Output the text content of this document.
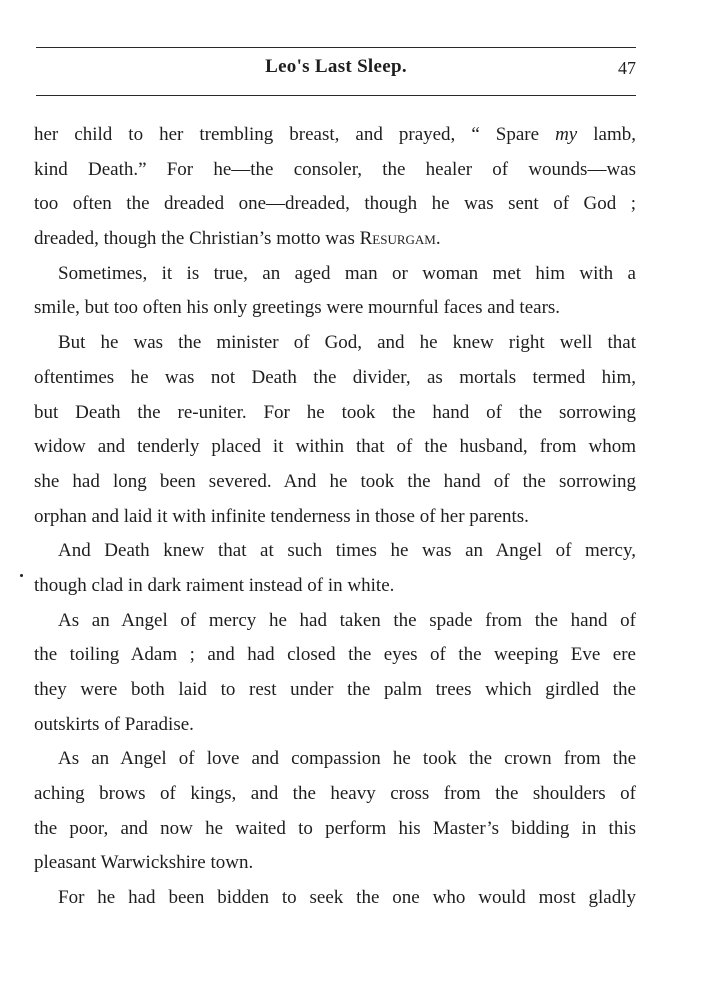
Leo's Last Sleep.	47
her child to her trembling breast, and prayed, “ Spare my lamb,
kind Death.” For he—the consoler, the healer of wounds—was
too often the dreaded one—dreaded, though he was sent of God ;
dreaded, though the Christian’s motto was Resurgam.
Sometimes, it is true, an aged man or woman met him with a
smile, but too often his only greetings were mournful faces and tears.
But he was the minister of God, and he knew right well that
oftentimes he was not Death the divider, as mortals termed him,
but Death the re-uniter. For he took the hand of the sorrowing
widow and tenderly placed it within that of the husband, from whom
she had long been severed. And he took the hand of the sorrowing
orphan and laid it with infinite tenderness in those of her parents.
And Death knew that at such times he was an Angel of mercy,
though clad in dark raiment instead of in white.
As an Angel of mercy he had taken the spade from the hand of
the toiling Adam ; and had closed the eyes of the weeping Eve ere
they were both laid to rest under the palm trees which girdled the
outskirts of Paradise.
As an Angel of love and compassion he took the crown from the
aching brows of kings, and the heavy cross from the shoulders of
the poor, and now he waited to perform his Master’s bidding in this
pleasant Warwickshire town.
For he had been bidden to seek the one who would most gladly
